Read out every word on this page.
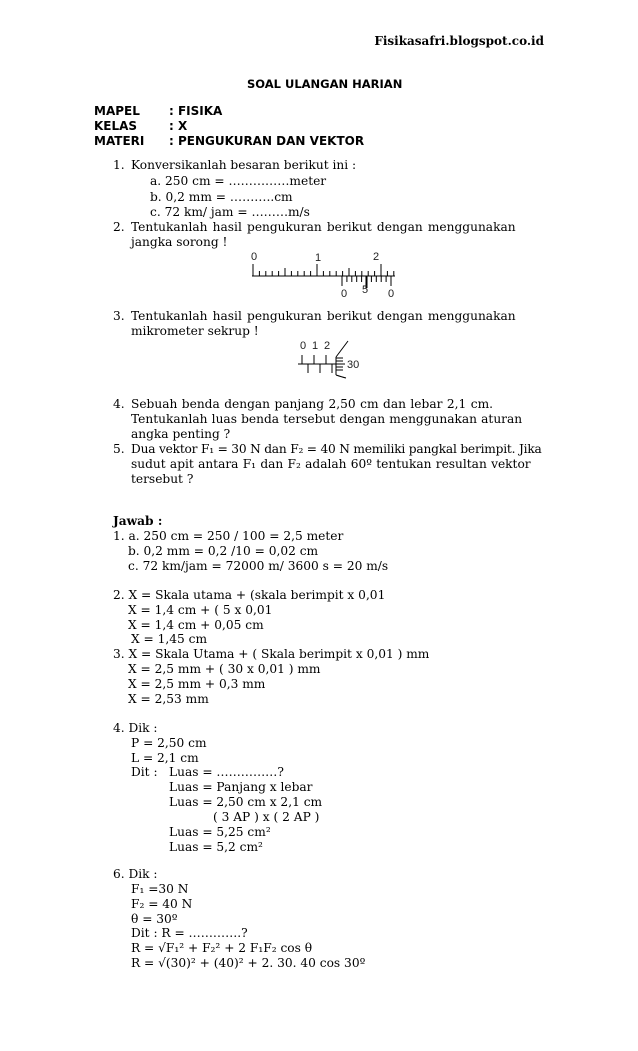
Fisikasafri.blogspot.co.id
SOAL ULANGAN HARIAN
MAPEL : FISIKA
KELAS	: X
MATERI : PENGUKURAN DAN VEKTOR
1. Konversikanlah besaran berikut ini :
a. 250 cm = ……………meter
b. 0,2 mm = ………..cm
c. 72 km/ jam = ………m/s
2. Tentukanlah hasil pengukuran berikut dengan menggunakan
jangka sorong !
0	1	2
0 5 0
3. Tentukanlah hasil pengukuran berikut dengan menggunakan
mikrometer sekrup !
0 1 2
30
4. Sebuah benda dengan panjang 2,50 cm dan lebar 2,1 cm.
Tentukanlah luas benda tersebut dengan menggunakan aturan
angka penting ?
5. Dua vektor F₁ = 30 N dan F₂ = 40 N memiliki pangkal berimpit. Jika
sudut apit antara F₁ dan F₂ adalah 60º tentukan resultan vektor
tersebut ?
Jawab :
1. a. 250 cm = 250 / 100 = 2,5 meter
b. 0,2 mm = 0,2 /10 = 0,02 cm
c. 72 km/jam = 72000 m/ 3600 s = 20 m/s
2. X = Skala utama + (skala berimpit x 0,01
X = 1,4 cm + ( 5 x 0,01
X = 1,4 cm + 0,05 cm
X = 1,45 cm
3. X = Skala Utama + ( Skala berimpit x 0,01 ) mm
X = 2,5 mm + ( 30 x 0,01 ) mm
X = 2,5 mm + 0,3 mm
X = 2,53 mm
4. Dik :
P = 2,50 cm
L = 2,1 cm
Dit : Luas = ……………?
Luas = Panjang x lebar
Luas = 2,50 cm x 2,1 cm
( 3 AP ) x ( 2 AP )
Luas = 5,25 cm²
Luas = 5,2 cm²
6. Dik :
F₁ =30 N
F₂ = 40 N
θ = 30º
Dit : R = ………….?
R = √F₁² + F₂² + 2 F₁F₂ cos θ
R = √(30)² + (40)² + 2. 30. 40 cos 30º
